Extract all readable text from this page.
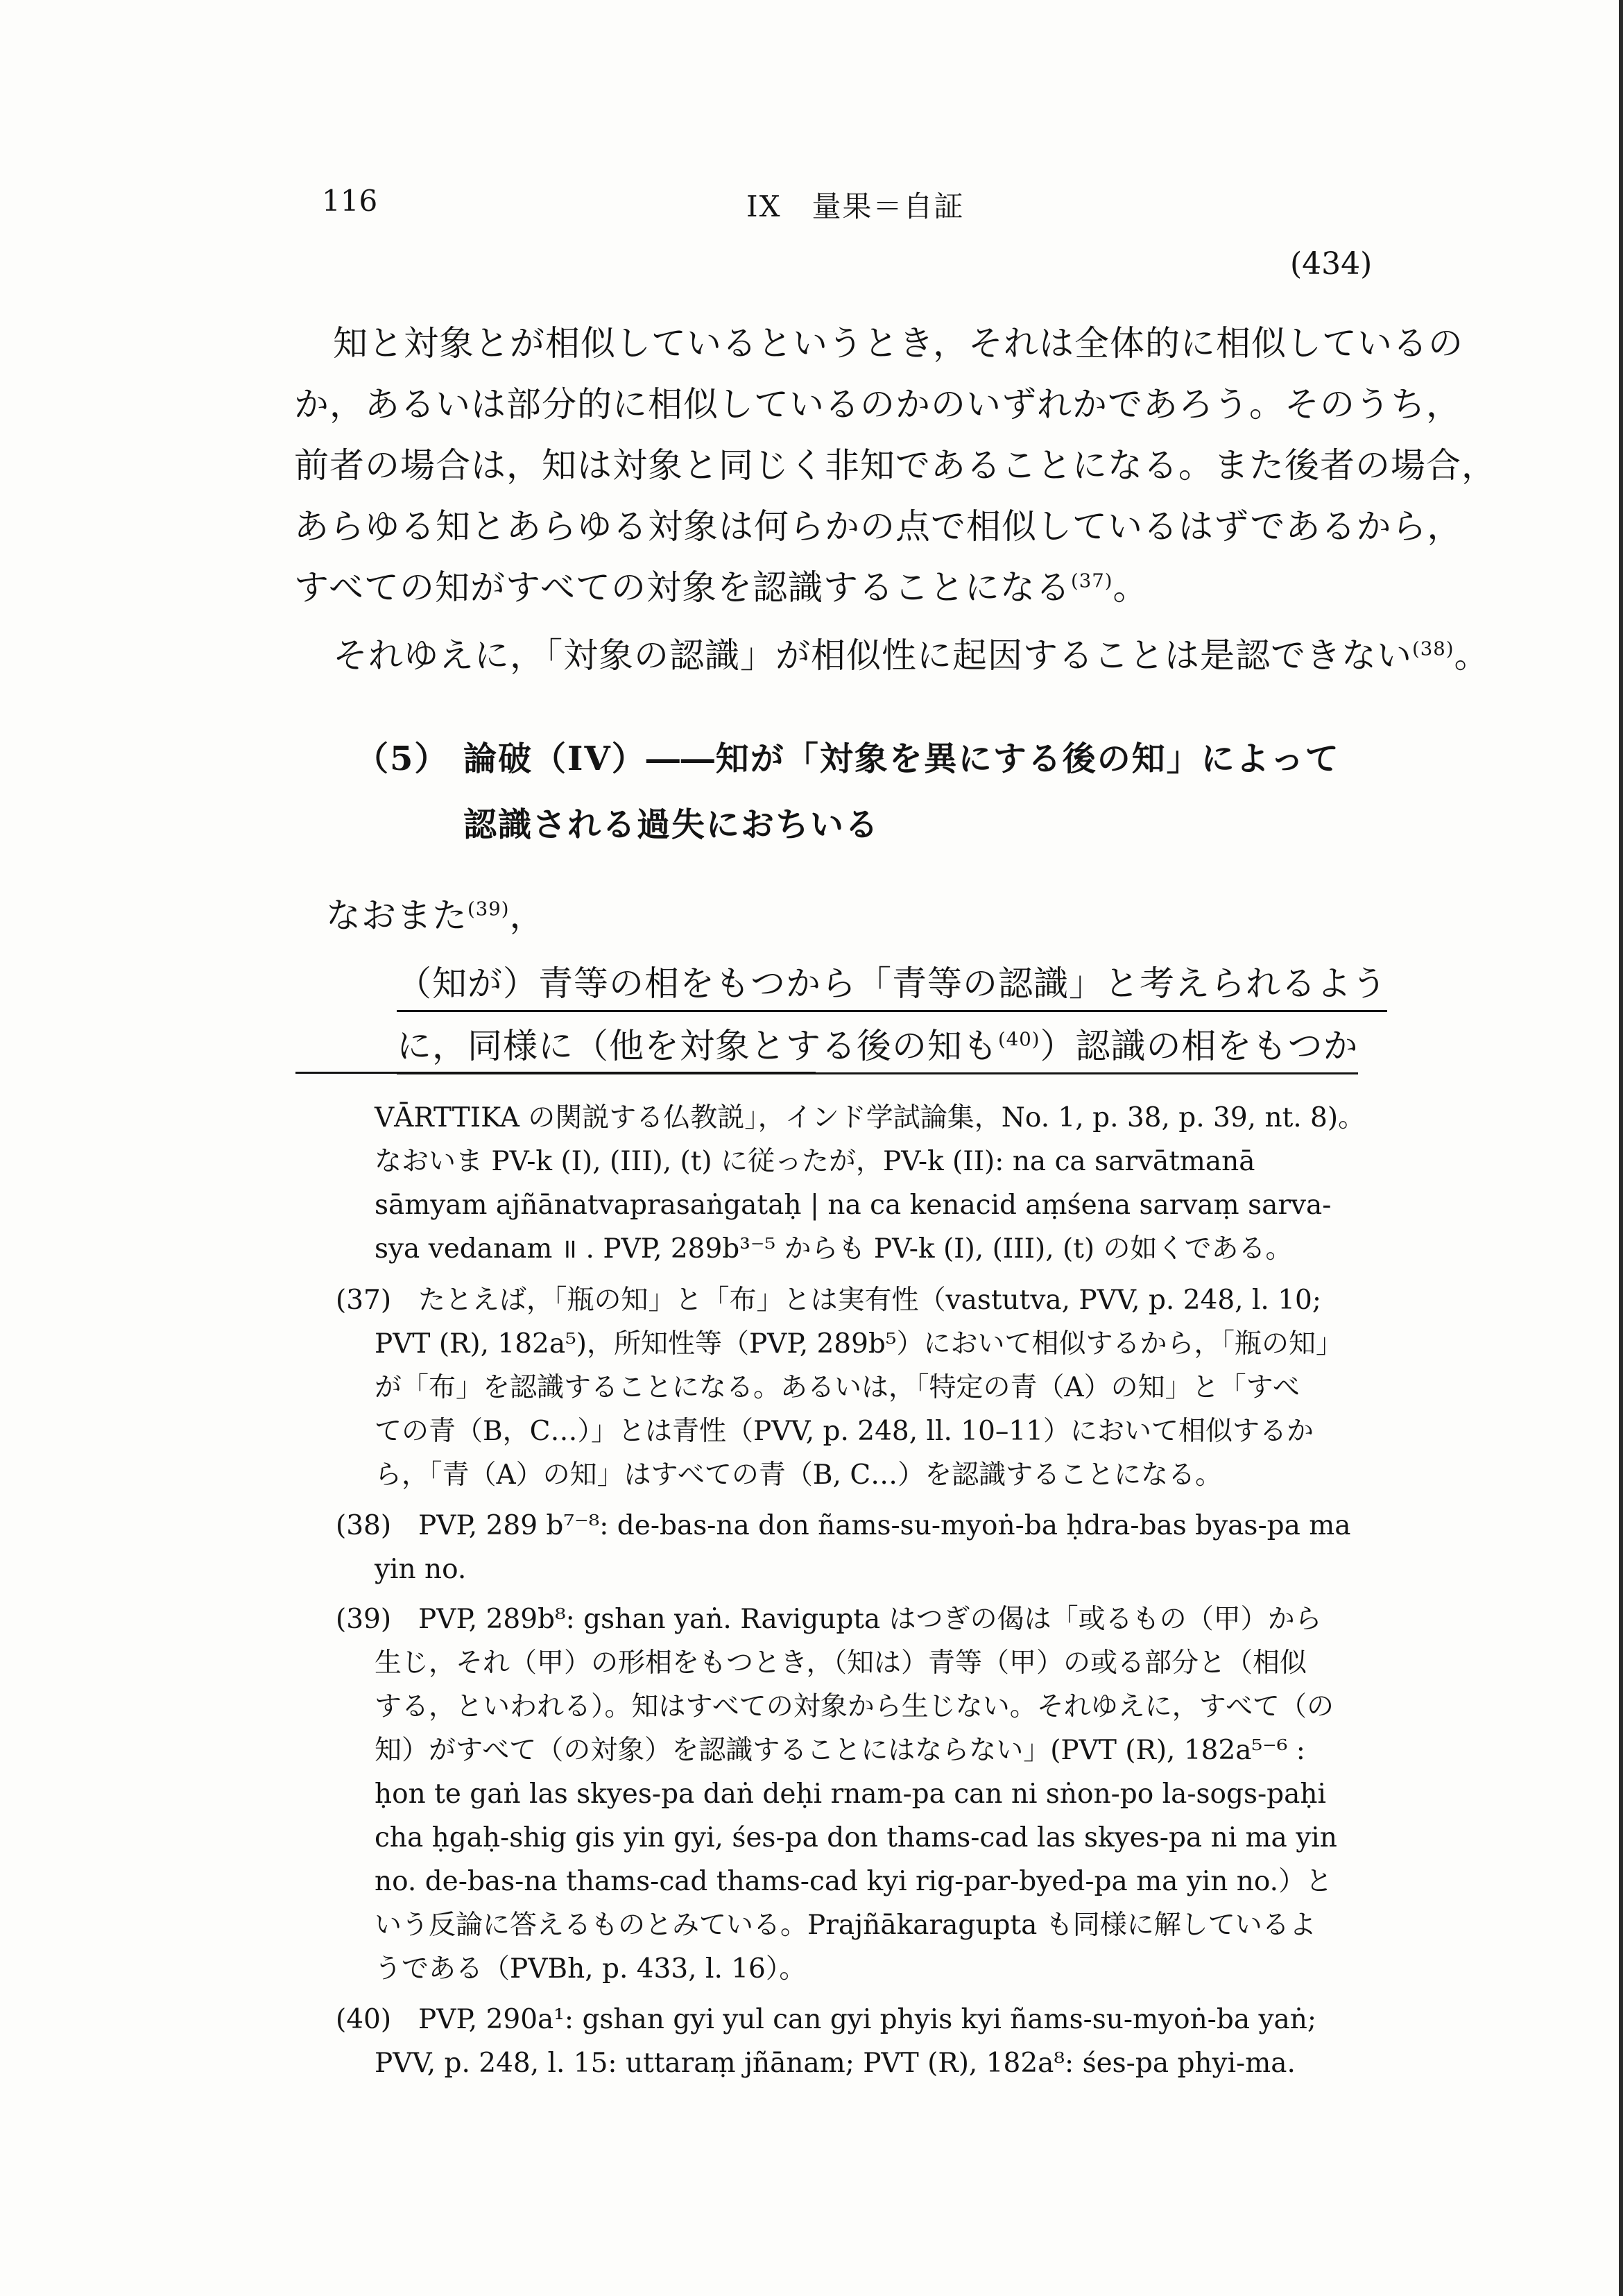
116	IX　量果＝自証
(434)
知と対象とが相似しているというとき，それは全体的に相似しているの
か，あるいは部分的に相似しているのかのいずれかであろう。そのうち，
前者の場合は，知は対象と同じく非知であることになる。また後者の場合，
あらゆる知とあらゆる対象は何らかの点で相似しているはずであるから，
すべての知がすべての対象を認識することになる$^{(37)}$。
それゆえに，「対象の認識」が相似性に起因することは是認できない$^{(38)}$。
（5） 論破（IV）――知が「対象を異にする後の知」によって
認識される過失におちいる
なおまた$^{(39)}$，
（知が）青等の相をもつから「青等の認識」と考えられるよう
に，同様に（他を対象とする後の知も$^{(40)}$）認識の相をもつか
VĀRTTIKA の関説する仏教説」，インド学試論集，No. 1, p. 38, p. 39, nt. 8)。
なおいま PV-k (I), (III), (t) に従ったが，PV-k (II): na ca sarvātmanā
sāmyam ajñānatvaprasaṅgataḥ | na ca kenacid aṃśena sarvaṃ sarva-
sya vedanam ॥ . PVP, 289b³⁻⁵ からも PV-k (I), (III), (t) の如くである。
(37)　たとえば，「瓶の知」と「布」とは実有性（vastutva, PVV, p. 248, l. 10;
PVT (R), 182a⁵)，所知性等（PVP, 289b⁵）において相似するから，「瓶の知」
が「布」を認識することになる。あるいは，「特定の青（A）の知」と「すべ
ての青（B，C…）」とは青性（PVV, p. 248, ll. 10–11）において相似するか
ら，「青（A）の知」はすべての青（B, C…）を認識することになる。
(38)　PVP, 289 b⁷⁻⁸: de-bas-na don ñams-su-myoṅ-ba ḥdra-bas byas-pa ma
yin no.
(39)　PVP, 289b⁸: gshan yaṅ. Ravigupta はつぎの偈は「或るもの（甲）から
生じ，それ（甲）の形相をもつとき，（知は）青等（甲）の或る部分と（相似
する，といわれる）。知はすべての対象から生じない。それゆえに，すべて（の
知）がすべて（の対象）を認識することにはならない」(PVT (R), 182a⁵⁻⁶ :
ḥon te gaṅ las skyes-pa daṅ deḥi rnam-pa can ni sṅon-po la-sogs-paḥi
cha ḥgaḥ-shig gis yin gyi, śes-pa don thams-cad las skyes-pa ni ma yin
no. de-bas-na thams-cad thams-cad kyi rig-par-byed-pa ma yin no.）と
いう反論に答えるものとみている。Prajñākaragupta も同様に解しているよ
うである（PVBh, p. 433, l. 16）。
(40)　PVP, 290a¹: gshan gyi yul can gyi phyis kyi ñams-su-myoṅ-ba yaṅ;
PVV, p. 248, l. 15: uttaraṃ jñānam; PVT (R), 182a⁸: śes-pa phyi-ma.
